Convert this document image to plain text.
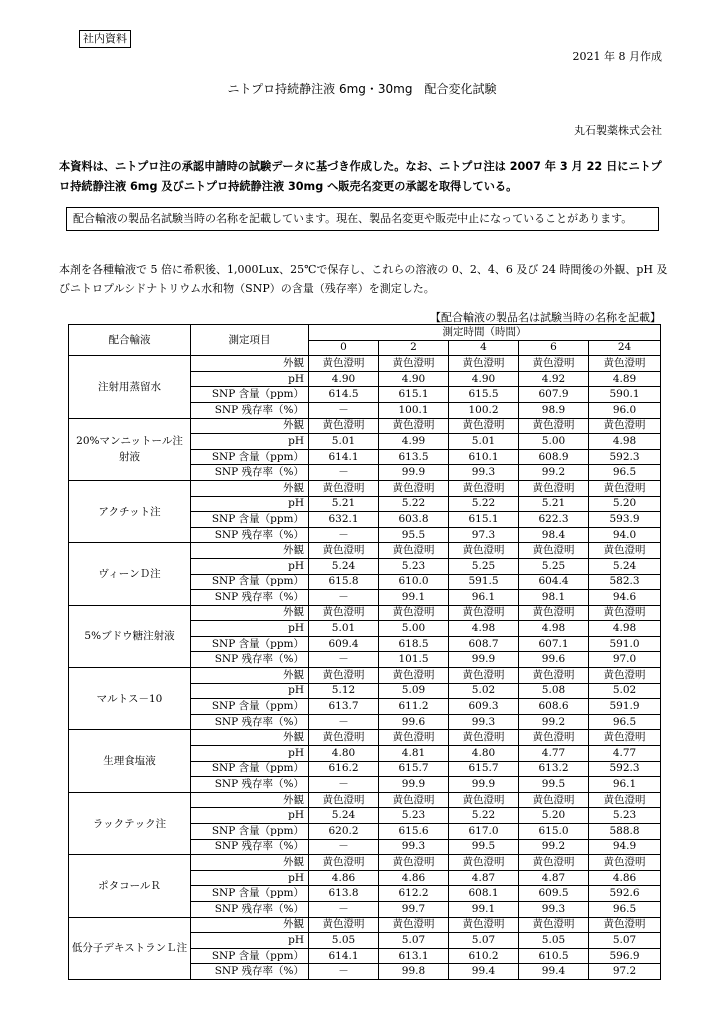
社内資料
2021 年 8 月作成
ニトプロ持続静注液 6mg・30mg　配合変化試験
丸石製薬株式会社
本資料は、ニトプロ注の承認申請時の試験データに基づき作成した。なお、ニトプロ注は 2007 年 3 月 22 日にニトプロ持続静注液 6mg 及びニトプロ持続静注液 30mg へ販売名変更の承認を取得している。
配合輸液の製品名試験当時の名称を記載しています。現在、製品名変更や販売中止になっていることがあります。
本剤を各種輸液で 5 倍に希釈後、1,000Lux、25℃で保存し、これらの溶液の 0、2、4、6 及び 24 時間後の外観、pH 及びニトロプルシドナトリウム水和物（SNP）の含量（残存率）を測定した。
【配合輸液の製品名は試験当時の名称を記載】
配合輸液	測定項目	測定時間（時間）				
		0	2	4	6	24
注射用蒸留水	外観	黄色澄明	黄色澄明	黄色澄明	黄色澄明	黄色澄明
	pH	4.90	4.90	4.90	4.92	4.89
	SNP 含量（ppm）	614.5	615.1	615.5	607.9	590.1
	SNP 残存率（%）	－	100.1	100.2	98.9	96.0
20%マンニットール注射液	外観	黄色澄明	黄色澄明	黄色澄明	黄色澄明	黄色澄明
	pH	5.01	4.99	5.01	5.00	4.98
	SNP 含量（ppm）	614.1	613.5	610.1	608.9	592.3
	SNP 残存率（%）	－	99.9	99.3	99.2	96.5
アクチット注	外観	黄色澄明	黄色澄明	黄色澄明	黄色澄明	黄色澄明
	pH	5.21	5.22	5.22	5.21	5.20
	SNP 含量（ppm）	632.1	603.8	615.1	622.3	593.9
	SNP 残存率（%）	－	95.5	97.3	98.4	94.0
ヴィーンＤ注	外観	黄色澄明	黄色澄明	黄色澄明	黄色澄明	黄色澄明
	pH	5.24	5.23	5.25	5.25	5.24
	SNP 含量（ppm）	615.8	610.0	591.5	604.4	582.3
	SNP 残存率（%）	－	99.1	96.1	98.1	94.6
5%ブドウ糖注射液	外観	黄色澄明	黄色澄明	黄色澄明	黄色澄明	黄色澄明
	pH	5.01	5.00	4.98	4.98	4.98
	SNP 含量（ppm）	609.4	618.5	608.7	607.1	591.0
	SNP 残存率（%）	－	101.5	99.9	99.6	97.0
マルトス－10	外観	黄色澄明	黄色澄明	黄色澄明	黄色澄明	黄色澄明
	pH	5.12	5.09	5.02	5.08	5.02
	SNP 含量（ppm）	613.7	611.2	609.3	608.6	591.9
	SNP 残存率（%）	－	99.6	99.3	99.2	96.5
生理食塩液	外観	黄色澄明	黄色澄明	黄色澄明	黄色澄明	黄色澄明
	pH	4.80	4.81	4.80	4.77	4.77
	SNP 含量（ppm）	616.2	615.7	615.7	613.2	592.3
	SNP 残存率（%）	－	99.9	99.9	99.5	96.1
ラックテック注	外観	黄色澄明	黄色澄明	黄色澄明	黄色澄明	黄色澄明
	pH	5.24	5.23	5.22	5.20	5.23
	SNP 含量（ppm）	620.2	615.6	617.0	615.0	588.8
	SNP 残存率（%）	－	99.3	99.5	99.2	94.9
ポタコールＲ	外観	黄色澄明	黄色澄明	黄色澄明	黄色澄明	黄色澄明
	pH	4.86	4.86	4.87	4.87	4.86
	SNP 含量（ppm）	613.8	612.2	608.1	609.5	592.6
	SNP 残存率（%）	－	99.7	99.1	99.3	96.5
低分子デキストランＬ注	外観	黄色澄明	黄色澄明	黄色澄明	黄色澄明	黄色澄明
	pH	5.05	5.07	5.07	5.05	5.07
	SNP 含量（ppm）	614.1	613.1	610.2	610.5	596.9
	SNP 残存率（%）	－	99.8	99.4	99.4	97.2
